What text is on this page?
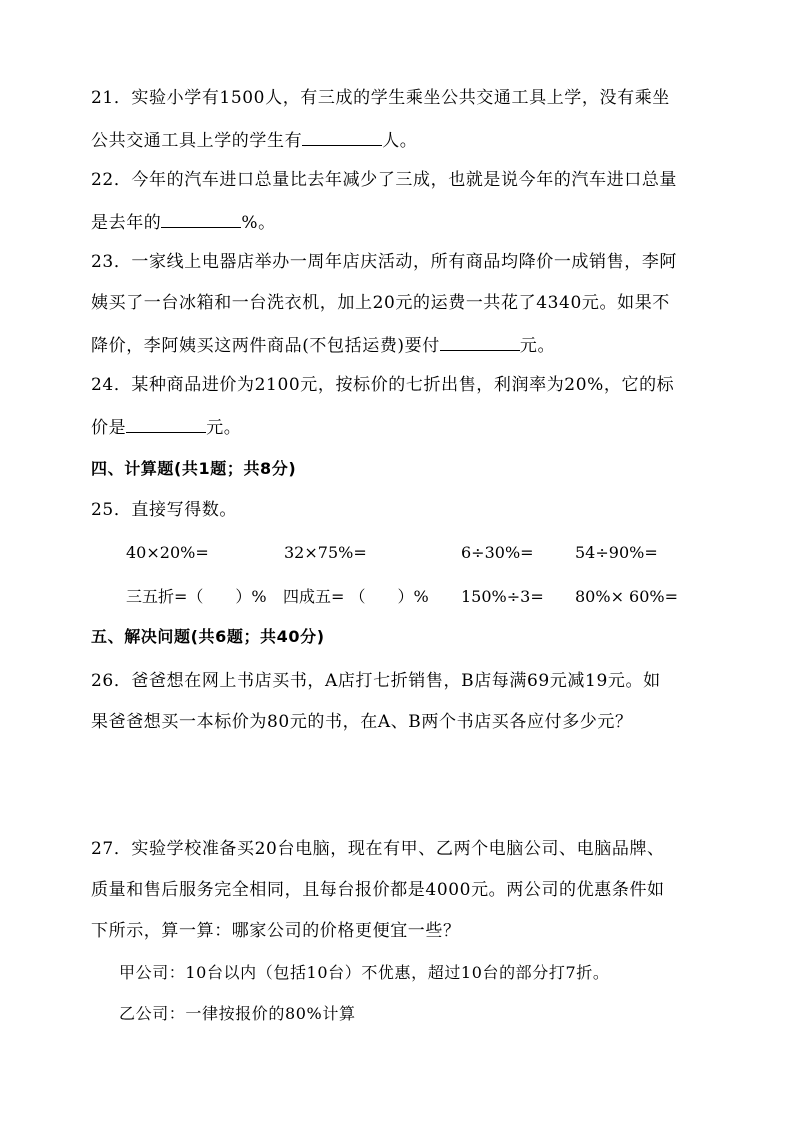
21．实验小学有1500人，有三成的学生乘坐公共交通工具上学，没有乘坐
公共交通工具上学的学生有	人。
22．今年的汽车进口总量比去年减少了三成，也就是说今年的汽车进口总量
是去年的	%。
23．一家线上电器店举办一周年店庆活动，所有商品均降价一成销售，李阿
姨买了一台冰箱和一台洗衣机，加上20元的运费一共花了4340元。如果不
降价，李阿姨买这两件商品(不包括运费)要付	元。
24．某种商品进价为2100元，按标价的七折出售，利润率为20%，它的标
价是	元。
四、计算题(共1题；共8分)
25．直接写得数。
40×20%=	32×75%=	6÷30%=	54÷90%=
三五折=（　　）% 四成五= （　　）% 150%÷3= 80%× 60%=
五、解决问题(共6题；共40分)
26．爸爸想在网上书店买书，A店打七折销售，B店每满69元减19元。如
果爸爸想买一本标价为80元的书，在A、B两个书店买各应付多少元？
27．实验学校准备买20台电脑，现在有甲、乙两个电脑公司、电脑品牌、
质量和售后服务完全相同，且每台报价都是4000元。两公司的优惠条件如
下所示，算一算：哪家公司的价格更便宜一些？
甲公司：10台以内（包括10台）不优惠，超过10台的部分打7折。
乙公司：一律按报价的80%计算
